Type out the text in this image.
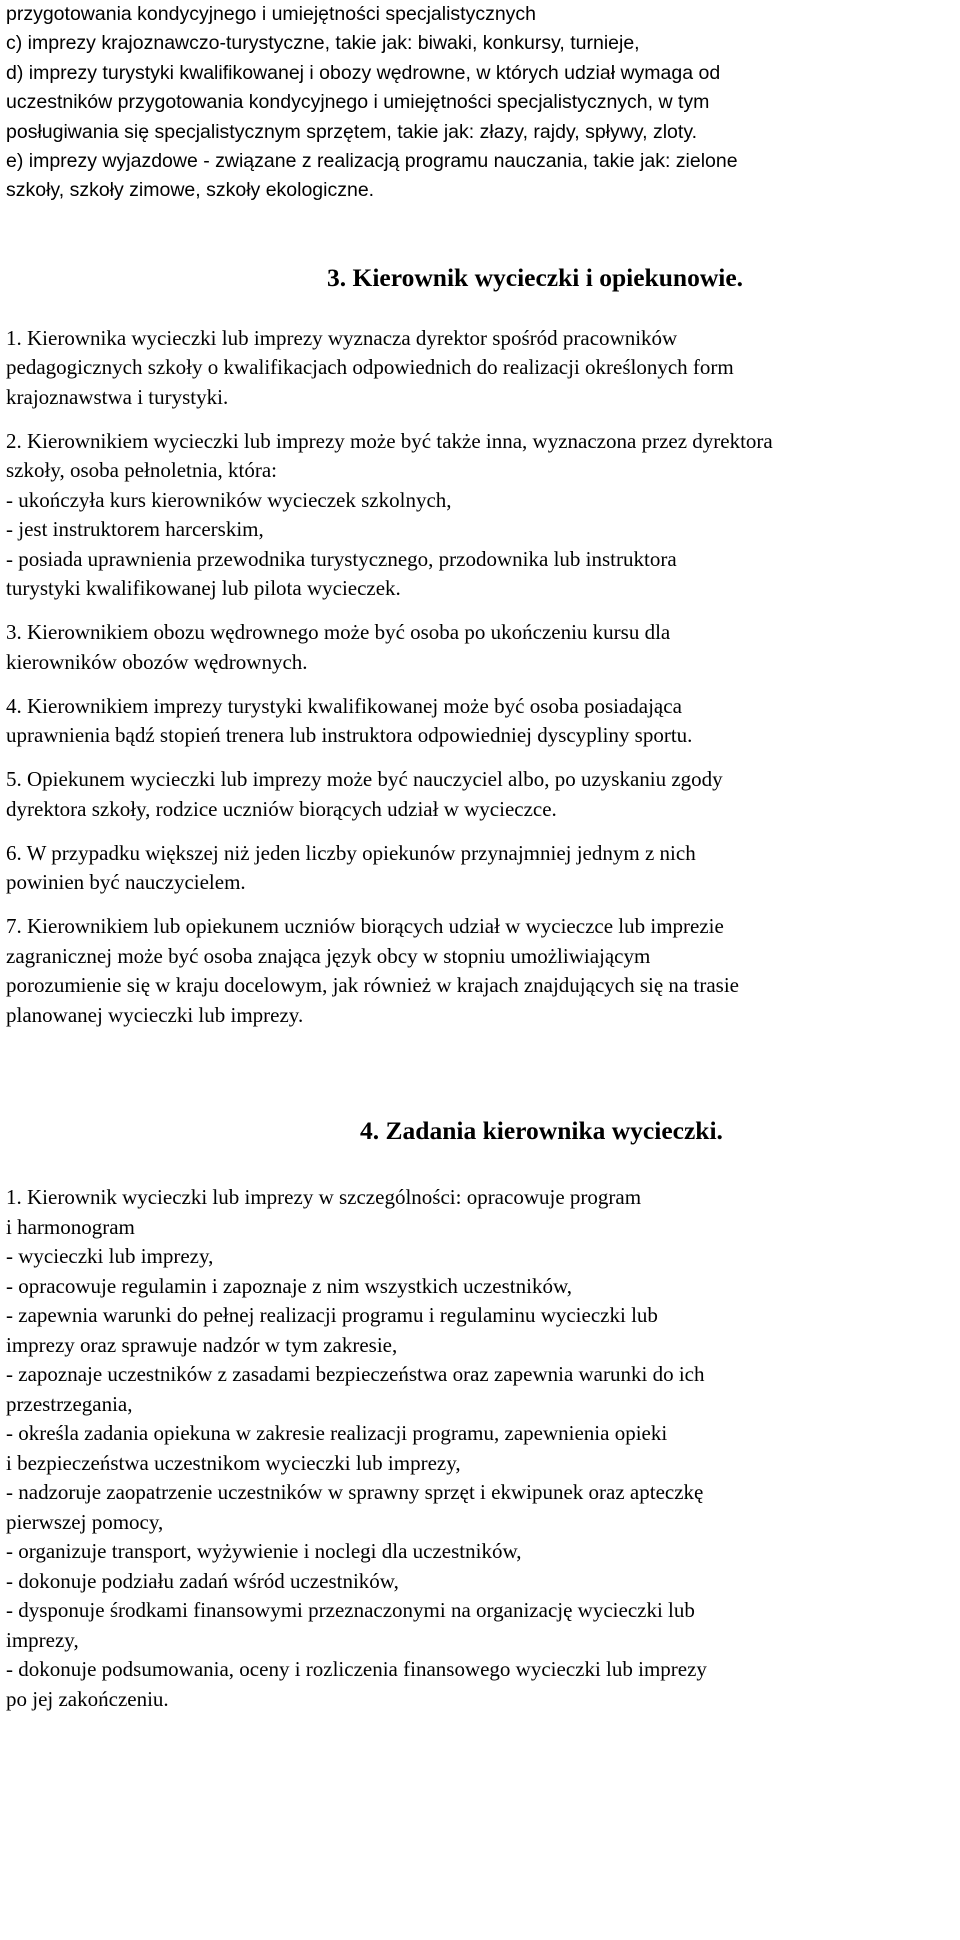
przygotowania kondycyjnego i umiejętności specjalistycznych
c) imprezy krajoznawczo-turystyczne, takie jak: biwaki, konkursy, turnieje,
d) imprezy turystyki kwalifikowanej i obozy wędrowne, w których udział wymaga od
uczestników przygotowania kondycyjnego i umiejętności specjalistycznych, w tym
posługiwania się specjalistycznym sprzętem, takie jak: złazy, rajdy, spływy, zloty.
e) imprezy wyjazdowe - związane z realizacją programu nauczania, takie jak: zielone
szkoły, szkoły zimowe, szkoły ekologiczne.
3. Kierownik wycieczki i opiekunowie.
1. Kierownika wycieczki lub imprezy wyznacza dyrektor spośród pracowników
pedagogicznych szkoły o kwalifikacjach odpowiednich do realizacji określonych form
krajoznawstwa i turystyki.
2. Kierownikiem wycieczki lub imprezy może być także inna, wyznaczona przez dyrektora
szkoły, osoba pełnoletnia, która:
- ukończyła kurs kierowników wycieczek szkolnych,
- jest instruktorem harcerskim,
- posiada uprawnienia przewodnika turystycznego, przodownika lub instruktora
turystyki kwalifikowanej lub pilota wycieczek.
3. Kierownikiem obozu wędrownego może być osoba po ukończeniu kursu dla
kierowników obozów wędrownych.
4. Kierownikiem imprezy turystyki kwalifikowanej może być osoba posiadająca
uprawnienia bądź stopień trenera lub instruktora odpowiedniej dyscypliny sportu.
5. Opiekunem wycieczki lub imprezy może być nauczyciel albo, po uzyskaniu zgody
dyrektora szkoły, rodzice uczniów biorących udział w wycieczce.
6. W przypadku większej niż jeden liczby opiekunów przynajmniej jednym z nich
powinien być nauczycielem.
7. Kierownikiem lub opiekunem uczniów biorących udział w wycieczce lub imprezie
zagranicznej może być osoba znająca język obcy w stopniu umożliwiającym
porozumienie się w kraju docelowym, jak również w krajach znajdujących się na trasie
planowanej wycieczki lub imprezy.
4. Zadania kierownika wycieczki.
1. Kierownik wycieczki lub imprezy w szczególności: opracowuje program
i harmonogram
- wycieczki lub imprezy,
- opracowuje regulamin i zapoznaje z nim wszystkich uczestników,
- zapewnia warunki do pełnej realizacji programu i regulaminu wycieczki lub
imprezy oraz sprawuje nadzór w tym zakresie,
- zapoznaje uczestników z zasadami bezpieczeństwa oraz zapewnia warunki do ich
przestrzegania,
- określa zadania opiekuna w zakresie realizacji programu, zapewnienia opieki
i bezpieczeństwa uczestnikom wycieczki lub imprezy,
- nadzoruje zaopatrzenie uczestników w sprawny sprzęt i ekwipunek oraz apteczkę
pierwszej pomocy,
- organizuje transport, wyżywienie i noclegi dla uczestników,
- dokonuje podziału zadań wśród uczestników,
- dysponuje środkami finansowymi przeznaczonymi na organizację wycieczki lub
imprezy,
- dokonuje podsumowania, oceny i rozliczenia finansowego wycieczki lub imprezy
po jej zakończeniu.
